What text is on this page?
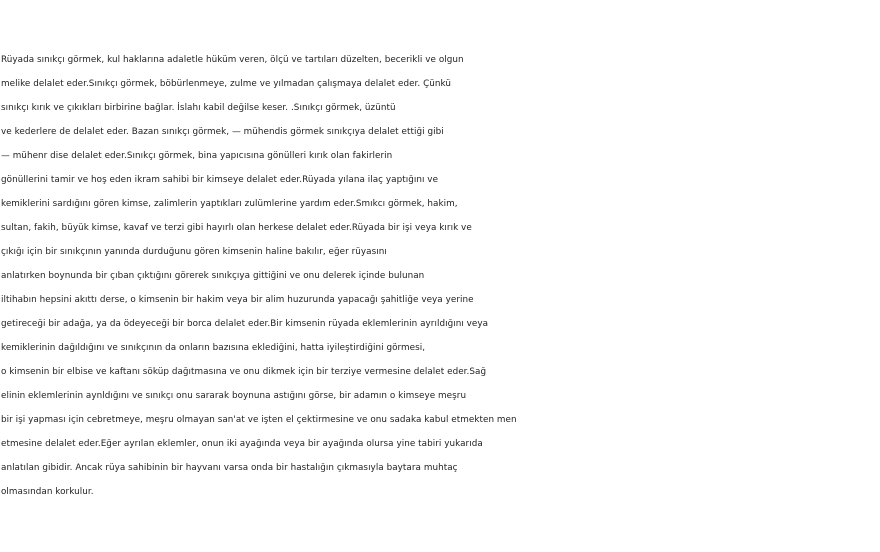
Rüyada sınıkçı görmek, kul haklarına adaletle hüküm veren, ölçü ve tartıları düzelten, becerikli ve olgun
melike delalet eder.Sınıkçı görmek, böbürlenmeye, zulme ve yılmadan çalışmaya delalet eder. Çünkü
sınıkçı kırık ve çıkıkları birbirine bağlar. İslahı kabil değilse keser. .Sınıkçı görmek, üzüntü
ve kederlere de delalet eder. Bazan sınıkçı görmek, — mühendis görmek sınıkçıya delalet ettiği gibi
— mühenr dise delalet eder.Sınıkçı görmek, bina yapıcısına gönülleri kırık olan fakirlerin
gönüllerini tamir ve hoş eden ikram sahibi bir kimseye delalet eder.Rüyada yılana ilaç yaptığını ve
kemiklerini sardığını gören kimse, zalimlerin yaptıkları zulümlerine yardım eder.Smıkcı görmek, hakim,
sultan, fakih, büyük kimse, kavaf ve terzi gibi hayırlı olan herkese delalet eder.Rüyada bir işi veya kırık ve
çıkığı için bir sınıkçının yanında durduğunu gören kimsenin haline bakılır, eğer rüyasını
anlatırken boynunda bir çıban çıktığını görerek sınıkçıya gittiğini ve onu delerek içinde bulunan
iltihabın hepsini akıttı derse, o kimsenin bir hakim veya bir alim huzurunda yapacağı şahitliğe veya yerine
getireceği bir adağa, ya da ödeyeceği bir borca delalet eder.Bir kimsenin rüyada eklemlerinin ayrıldığını veya
kemiklerinin dağıldığını ve sınıkçının da onların bazısına eklediğini, hatta iyileştirdiğini görmesi,
o kimsenin bir elbise ve kaftanı söküp dağıtmasına ve onu dikmek için bir terziye vermesine delalet eder.Sağ
elinin eklemlerinin aynldığını ve sınıkçı onu sararak boynuna astığını görse, bir adamın o kimseye meşru
bir işi yapması için cebretmeye, meşru olmayan san'at ve işten el çektirmesine ve onu sadaka kabul etmekten men
etmesine delalet eder.Eğer ayrılan eklemler, onun iki ayağında veya bir ayağında olursa yine tabiri yukarıda
anlatılan gibidir. Ancak rüya sahibinin bir hayvanı varsa onda bir hastalığın çıkmasıyla baytara muhtaç
olmasından korkulur.
